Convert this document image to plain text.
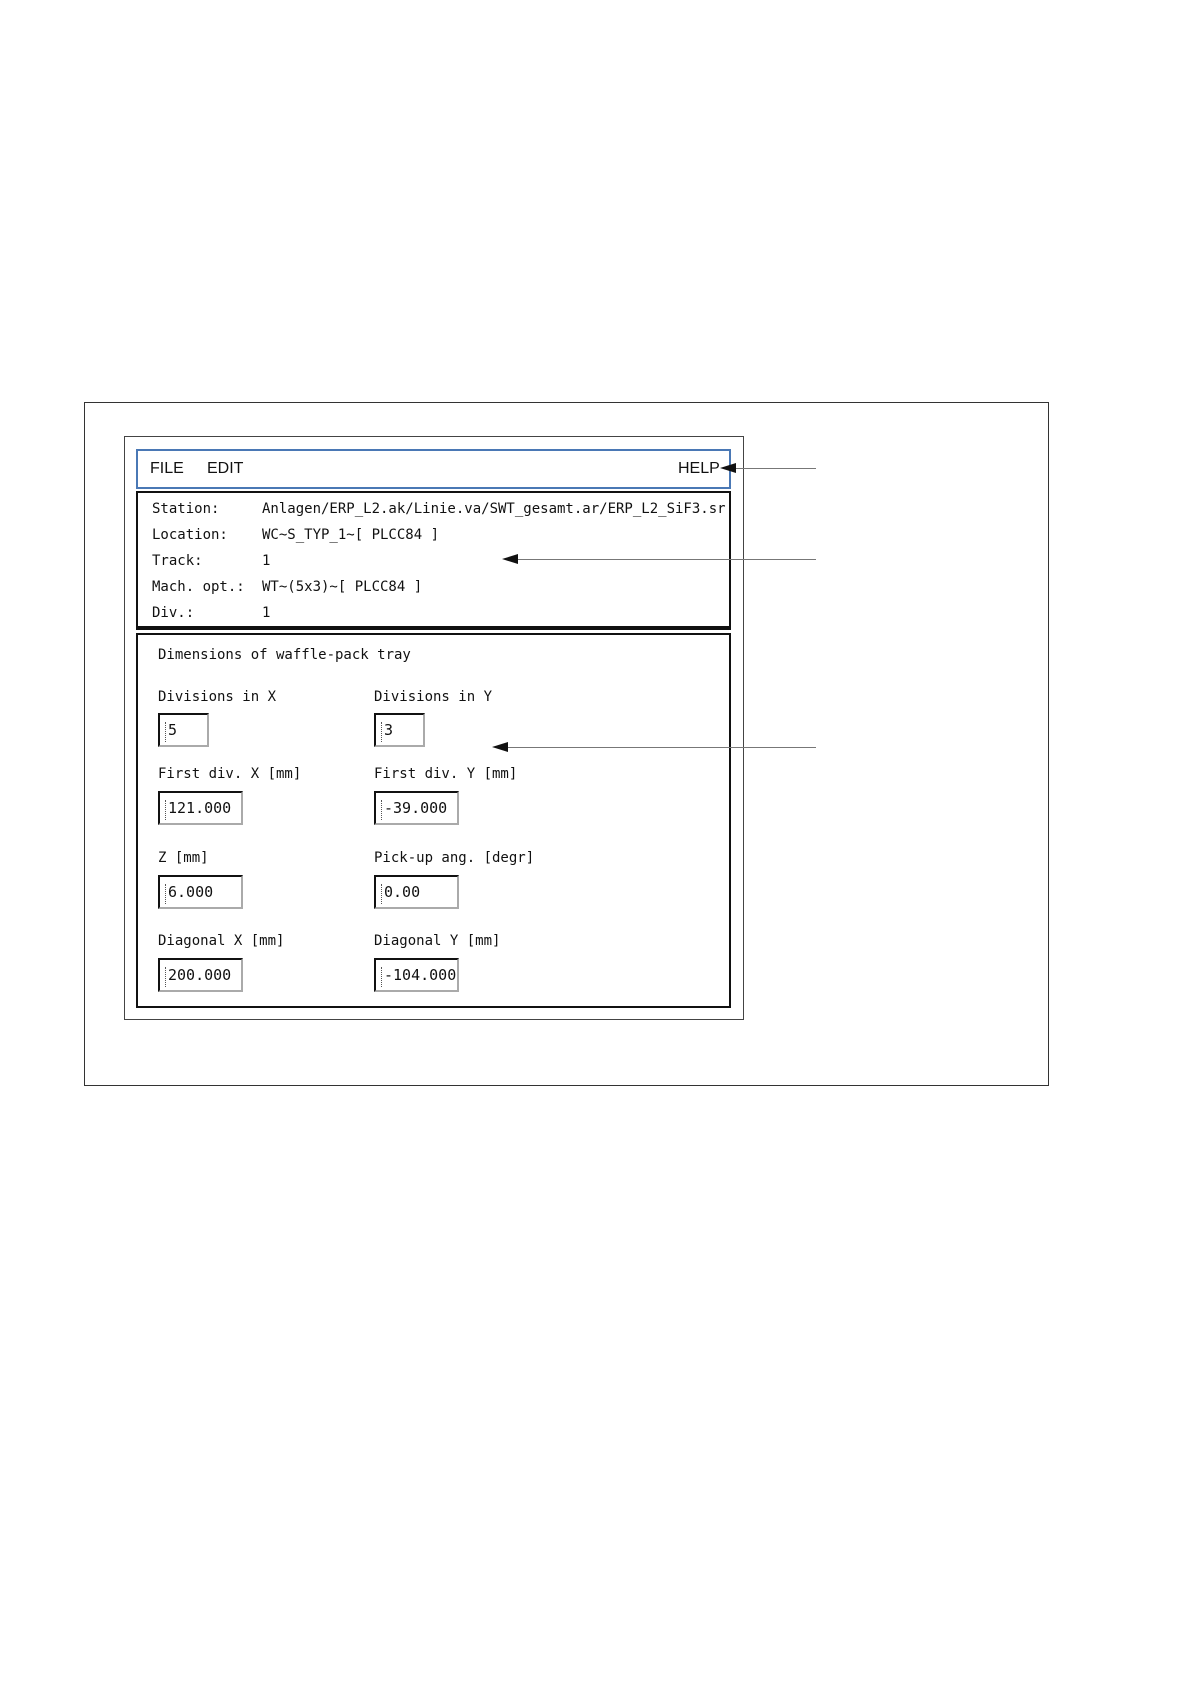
FILE EDIT	HELP
Station:	Anlagen/ERP_L2.ak/Linie.va/SWT_gesamt.ar/ERP_L2_SiF3.sr
Location:	WC~S_TYP_1~[ PLCC84 ]
Track:	1
Mach. opt.:	WT~(5x3)~[ PLCC84 ]
Div.:	1
Dimensions of waffle-pack tray
Divisions in X	Divisions in Y
5	3
First div. X [mm]	First div. Y [mm]
121.000	-39.000
Z [mm]	Pick-up ang. [degr]
6.000	0.00
Diagonal X [mm]	Diagonal Y [mm]
200.000	-104.000
